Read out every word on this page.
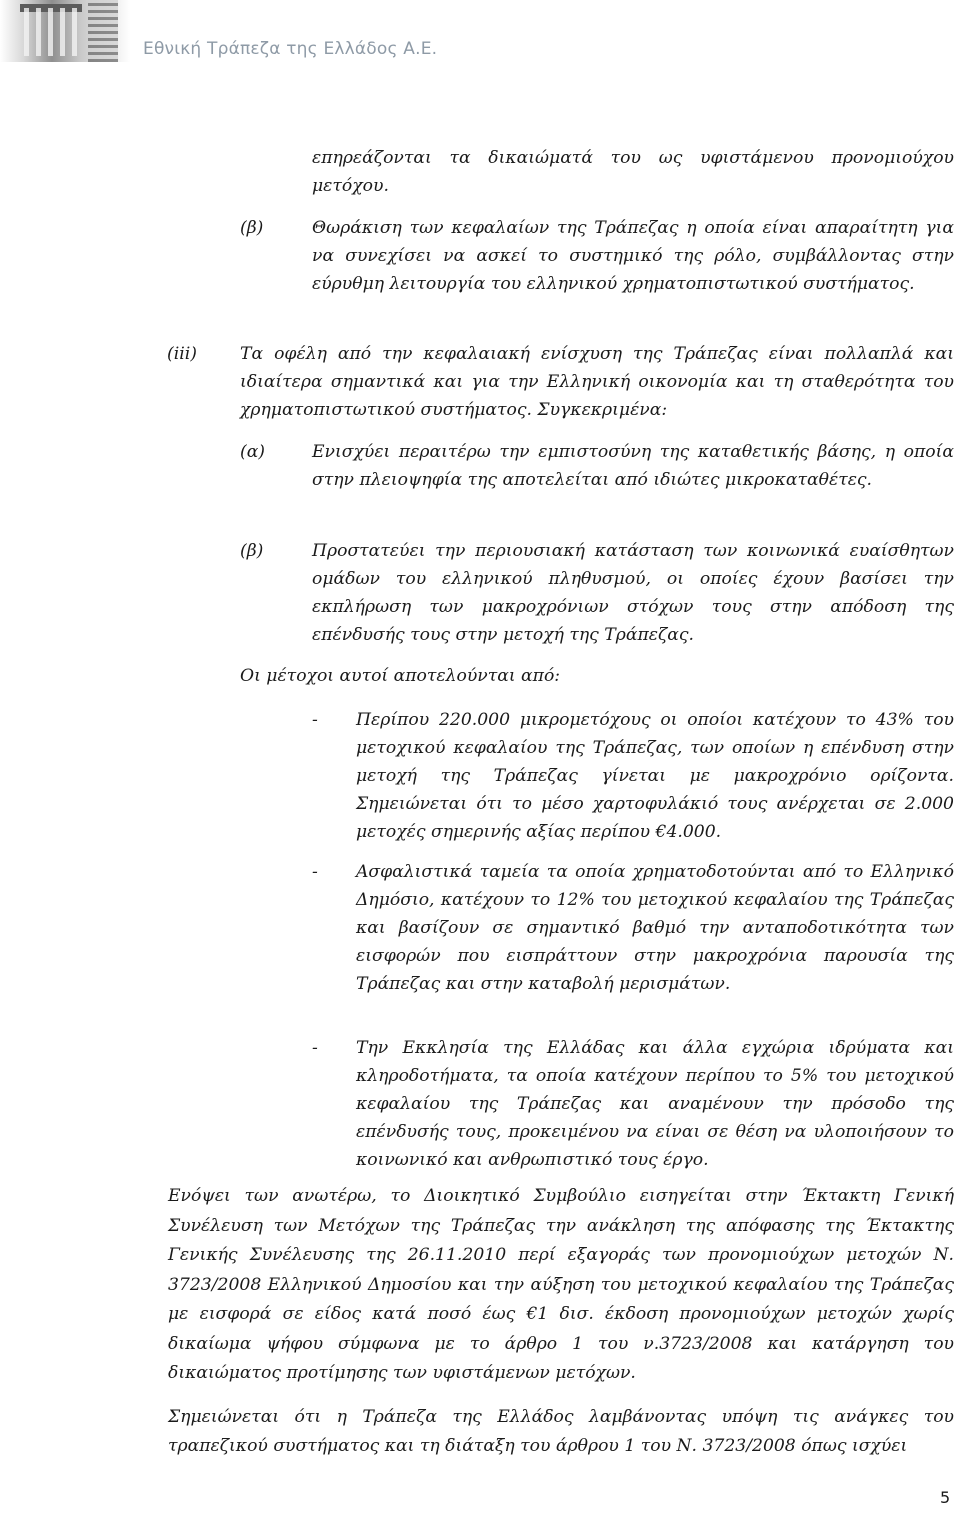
Εθνική Τράπεζα της Ελλάδος Α.Ε.

επηρεάζονται τα δικαιώματά του ως υφιστάμενου προνομιούχου μετόχου.

(β)	Θωράκιση των κεφαλαίων της Τράπεζας η οποία είναι απαραίτητη για να συνεχίσει να ασκεί το συστημικό της ρόλο, συμβάλλοντας στην εύρυθμη λειτουργία του ελληνικού χρηματοπιστωτικού συστήματος.

(iii)	Τα οφέλη από την κεφαλαιακή ενίσχυση της Τράπεζας είναι πολλαπλά και ιδιαίτερα σημαντικά και για την Ελληνική οικονομία και τη σταθερότητα του χρηματοπιστωτικού συστήματος. Συγκεκριμένα:

(α)	Ενισχύει περαιτέρω την εμπιστοσύνη της καταθετικής βάσης, η οποία στην πλειοψηφία της αποτελείται από ιδιώτες μικροκαταθέτες.

(β)	Προστατεύει την περιουσιακή κατάσταση των κοινωνικά ευαίσθητων ομάδων του ελληνικού πληθυσμού, οι οποίες έχουν βασίσει την εκπλήρωση των μακροχρόνιων στόχων τους στην απόδοση της επένδυσής τους στην μετοχή της Τράπεζας.

Οι μέτοχοι αυτοί αποτελούνται από:

- Περίπου 220.000 μικρομετόχους οι οποίοι κατέχουν το 43% του μετοχικού κεφαλαίου της Τράπεζας, των οποίων η επένδυση στην μετοχή της Τράπεζας γίνεται με μακροχρόνιο ορίζοντα. Σημειώνεται ότι το μέσο χαρτοφυλάκιό τους ανέρχεται σε 2.000 μετοχές σημερινής αξίας περίπου €4.000.

- Ασφαλιστικά ταμεία τα οποία χρηματοδοτούνται από το Ελληνικό Δημόσιο, κατέχουν το 12% του μετοχικού κεφαλαίου της Τράπεζας και βασίζουν σε σημαντικό βαθμό την ανταποδοτικότητα των εισφορών που εισπράττουν στην μακροχρόνια παρουσία της Τράπεζας και στην καταβολή μερισμάτων.

- Την Εκκλησία της Ελλάδας και άλλα εγχώρια ιδρύματα και κληροδοτήματα, τα οποία κατέχουν περίπου το 5% του μετοχικού κεφαλαίου της Τράπεζας και αναμένουν την πρόσοδο της επένδυσής τους, προκειμένου να είναι σε θέση να υλοποιήσουν το κοινωνικό και ανθρωπιστικό τους έργο.

Ενόψει των ανωτέρω, το Διοικητικό Συμβούλιο εισηγείται στην Έκτακτη Γενική Συνέλευση των Μετόχων της Τράπεζας την ανάκληση της απόφασης της Έκτακτης Γενικής Συνέλευσης της 26.11.2010 περί εξαγοράς των προνομιούχων μετοχών Ν. 3723/2008 Ελληνικού Δημοσίου και την αύξηση του μετοχικού κεφαλαίου της Τράπεζας με εισφορά σε είδος κατά ποσό έως €1 δισ. έκδοση προνομιούχων μετοχών χωρίς δικαίωμα ψήφου σύμφωνα με το άρθρο 1 του ν.3723/2008 και κατάργηση του δικαιώματος προτίμησης των υφιστάμενων μετόχων.

Σημειώνεται ότι η Τράπεζα της Ελλάδος λαμβάνοντας υπόψη τις ανάγκες του τραπεζικού συστήματος και τη διάταξη του άρθρου 1 του Ν. 3723/2008 όπως ισχύει

5
